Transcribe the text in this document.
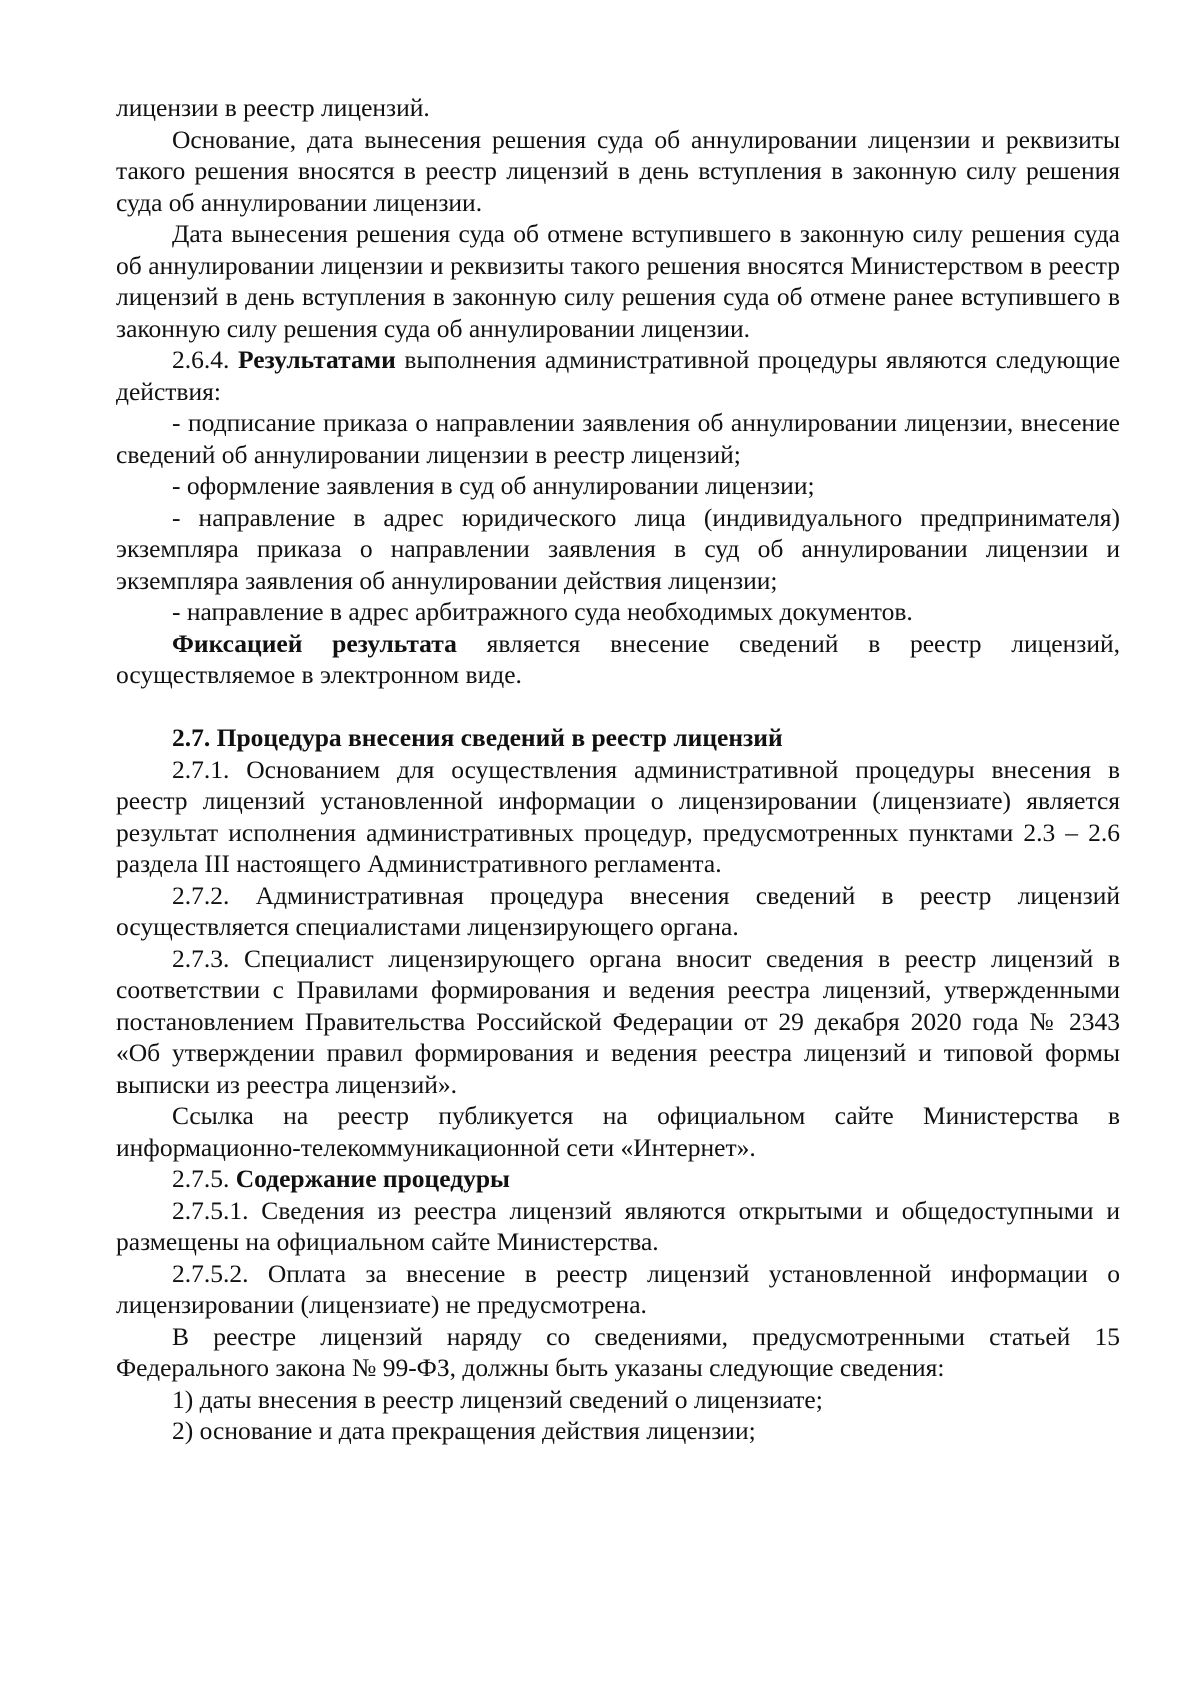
лицензии в реестр лицензий.

Основание, дата вынесения решения суда об аннулировании лицензии и реквизиты такого решения вносятся в реестр лицензий в день вступления в законную силу решения суда об аннулировании лицензии.

Дата вынесения решения суда об отмене вступившего в законную силу решения суда об аннулировании лицензии и реквизиты такого решения вносятся Министерством в реестр лицензий в день вступления в законную силу решения суда об отмене ранее вступившего в законную силу решения суда об аннулировании лицензии.

2.6.4. Результатами выполнения административной процедуры являются следующие действия:

- подписание приказа о направлении заявления об аннулировании лицензии, внесение сведений об аннулировании лицензии в реестр лицензий;

- оформление заявления в суд об аннулировании лицензии;

- направление в адрес юридического лица (индивидуального предпринимателя) экземпляра приказа о направлении заявления в суд об аннулировании лицензии и экземпляра заявления об аннулировании действия лицензии;

- направление в адрес арбитражного суда необходимых документов.

Фиксацией результата является внесение сведений в реестр лицензий, осуществляемое в электронном виде.

2.7. Процедура внесения сведений в реестр лицензий

2.7.1. Основанием для осуществления административной процедуры внесения в реестр лицензий установленной информации о лицензировании (лицензиате) является результат исполнения административных процедур, предусмотренных пунктами 2.3 – 2.6 раздела III настоящего Административного регламента.

2.7.2. Административная процедура внесения сведений в реестр лицензий осуществляется специалистами лицензирующего органа.

2.7.3. Специалист лицензирующего органа вносит сведения в реестр лицензий в соответствии с Правилами формирования и ведения реестра лицензий, утвержденными постановлением Правительства Российской Федерации от 29 декабря 2020 года № 2343 «Об утверждении правил формирования и ведения реестра лицензий и типовой формы выписки из реестра лицензий».

Ссылка на реестр публикуется на официальном сайте Министерства в информационно-телекоммуникационной сети «Интернет».

2.7.5. Содержание процедуры

2.7.5.1. Сведения из реестра лицензий являются открытыми и общедоступными и размещены на официальном сайте Министерства.

2.7.5.2. Оплата за внесение в реестр лицензий установленной информации о лицензировании (лицензиате) не предусмотрена.

В реестре лицензий наряду со сведениями, предусмотренными статьей 15 Федерального закона № 99-ФЗ, должны быть указаны следующие сведения:

1) даты внесения в реестр лицензий сведений о лицензиате;

2) основание и дата прекращения действия лицензии;
